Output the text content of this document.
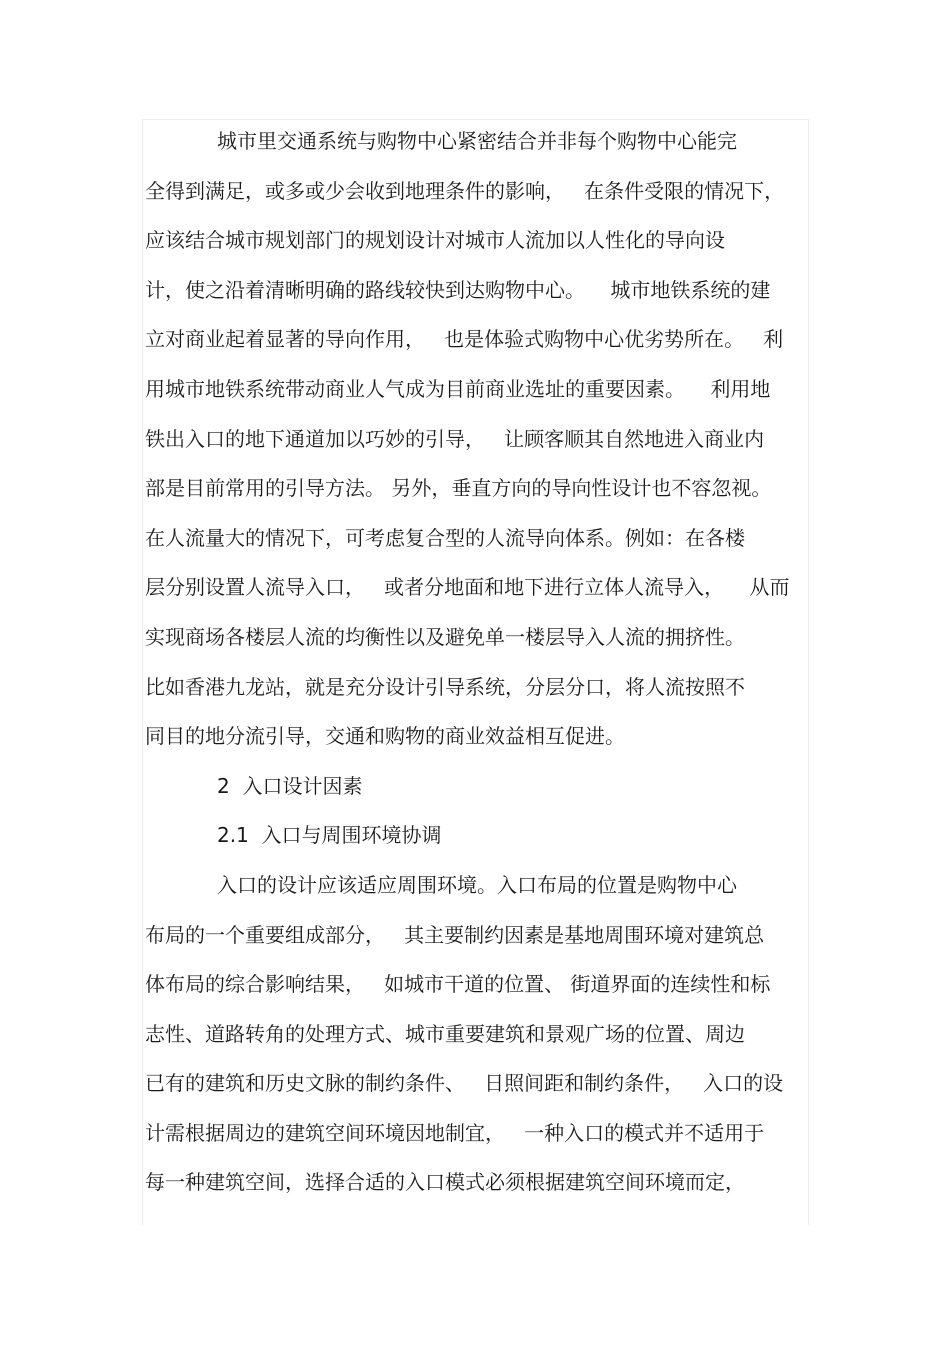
城市里交通系统与购物中心紧密结合并非每个购物中心能完
全得到满足，或多或少会收到地理条件的影响，   在条件受限的情况下，
应该结合城市规划部门的规划设计对城市人流加以人性化的导向设
计，使之沿着清晰明确的路线较快到达购物中心。    城市地铁系统的建
立对商业起着显著的导向作用，   也是体验式购物中心优劣势所在。   利
用城市地铁系统带动商业人气成为目前商业选址的重要因素。    利用地
铁出入口的地下通道加以巧妙的引导，   让顾客顺其自然地进入商业内
部是目前常用的引导方法。 另外，垂直方向的导向性设计也不容忽视。
在人流量大的情况下，可考虑复合型的人流导向体系。例如：在各楼
层分别设置人流导入口，   或者分地面和地下进行立体人流导入，    从而
实现商场各楼层人流的均衡性以及避免单一楼层导入人流的拥挤性。
比如香港九龙站，就是充分设计引导系统，分层分口，将人流按照不
同目的地分流引导，交通和购物的商业效益相互促进。
2  入口设计因素
2.1  入口与周围环境协调
入口的设计应该适应周围环境。入口布局的位置是购物中心
布局的一个重要组成部分，   其主要制约因素是基地周围环境对建筑总
体布局的综合影响结果，   如城市干道的位置、 街道界面的连续性和标
志性、道路转角的处理方式、城市重要建筑和景观广场的位置、周边
已有的建筑和历史文脉的制约条件、   日照间距和制约条件，   入口的设
计需根据周边的建筑空间环境因地制宜，   一种入口的模式并不适用于
每一种建筑空间，选择合适的入口模式必须根据建筑空间环境而定，
